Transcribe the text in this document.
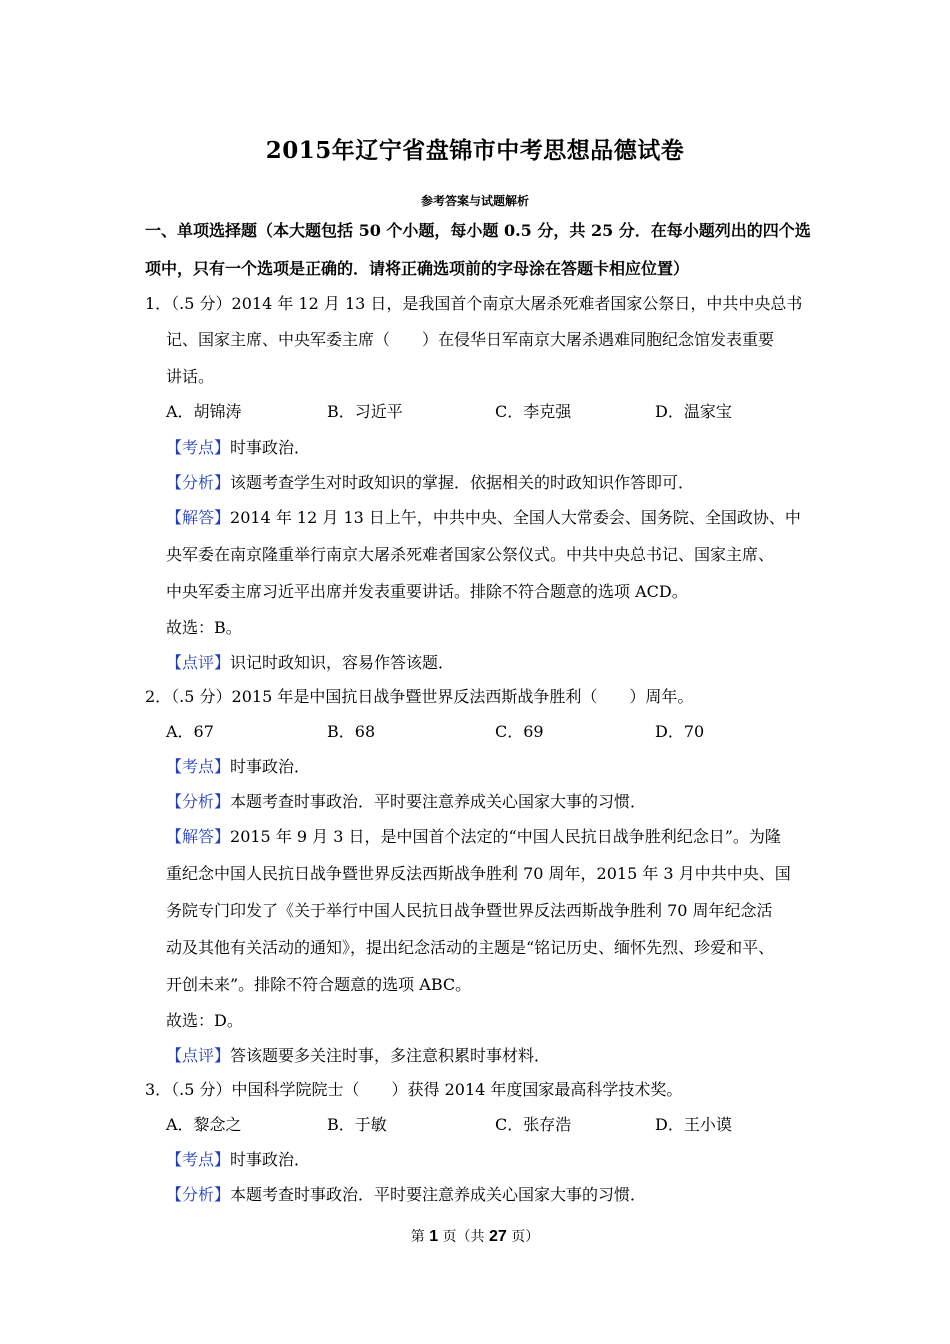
2015年辽宁省盘锦市中考思想品德试卷
参考答案与试题解析
一、单项选择题（本大题包括 50 个小题，每小题 0.5 分，共 25 分．在每小题列出的四个选
项中，只有一个选项是正确的．请将正确选项前的字母涂在答题卡相应位置）
1．（.5 分）2014 年 12 月 13 日，是我国首个南京大屠杀死难者国家公祭日，中共中央总书
记、国家主席、中央军委主席（　　）在侵华日军南京大屠杀遇难同胞纪念馆发表重要
讲话。
A．胡锦涛	B．习近平	C．李克强	D．温家宝
【考点】时事政治．
【分析】该题考查学生对时政知识的掌握．依据相关的时政知识作答即可．
【解答】2014 年 12 月 13 日上午，中共中央、全国人大常委会、国务院、全国政协、中
央军委在南京隆重举行南京大屠杀死难者国家公祭仪式。中共中央总书记、国家主席、
中央军委主席习近平出席并发表重要讲话。排除不符合题意的选项 ACD。
故选：B。
【点评】识记时政知识，容易作答该题．
2．（.5 分）2015 年是中国抗日战争暨世界反法西斯战争胜利（　　）周年。
A．67	B．68	C．69	D．70
【考点】时事政治．
【分析】本题考查时事政治．平时要注意养成关心国家大事的习惯．
【解答】2015 年 9 月 3 日，是中国首个法定的“中国人民抗日战争胜利纪念日”。为隆
重纪念中国人民抗日战争暨世界反法西斯战争胜利 70 周年，2015 年 3 月中共中央、国
务院专门印发了《关于举行中国人民抗日战争暨世界反法西斯战争胜利 70 周年纪念活
动及其他有关活动的通知》，提出纪念活动的主题是“铭记历史、缅怀先烈、珍爱和平、
开创未来”。排除不符合题意的选项 ABC。
故选：D。
【点评】答该题要多关注时事，多注意积累时事材料．
3．（.5 分）中国科学院院士（　　）获得 2014 年度国家最高科学技术奖。
A．黎念之	B．于敏	C．张存浩	D．王小谟
【考点】时事政治．
【分析】本题考查时事政治．平时要注意养成关心国家大事的习惯．
第 1 页（共 27 页）
